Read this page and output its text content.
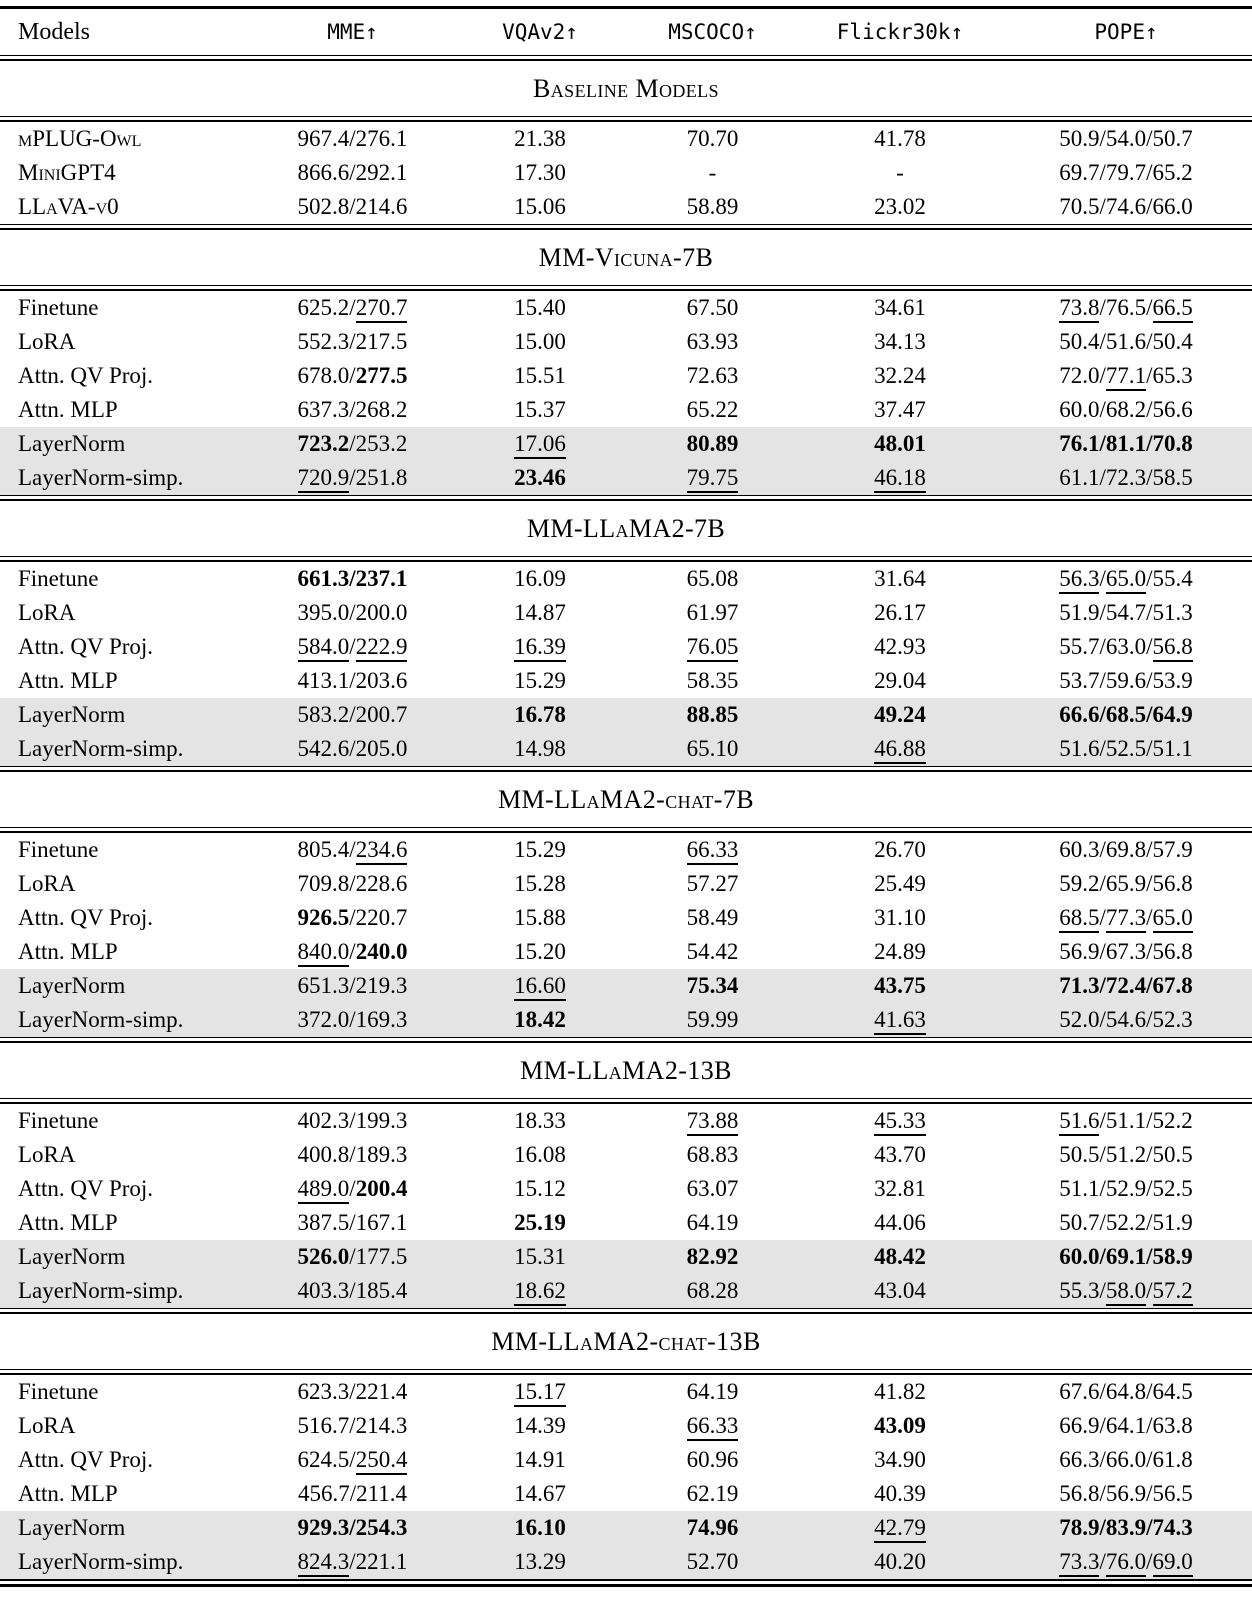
Models	MME↑	VQAv2↑	MSCOCO↑	Flickr30k↑	POPE↑

Baseline Models					

mPLUG-Owl	967.4/276.1	21.38	70.70	41.78	50.9/54.0/50.7
MiniGPT4	866.6/292.1	17.30	-	-	69.7/79.7/65.2
LLaVA-v0	502.8/214.6	15.06	58.89	23.02	70.5/74.6/66.0

MM-Vicuna-7B					

Finetune	625.2/270.7	15.40	67.50	34.61	73.8/76.5/66.5
LoRA	552.3/217.5	15.00	63.93	34.13	50.4/51.6/50.4
Attn. QV Proj.	678.0/277.5	15.51	72.63	32.24	72.0/77.1/65.3
Attn. MLP	637.3/268.2	15.37	65.22	37.47	60.0/68.2/56.6
LayerNorm	723.2/253.2	17.06	80.89	48.01	76.1/81.1/70.8
LayerNorm-simp.	720.9/251.8	23.46	79.75	46.18	61.1/72.3/58.5

MM-LLaMA2-7B					

Finetune	661.3/237.1	16.09	65.08	31.64	56.3/65.0/55.4
LoRA	395.0/200.0	14.87	61.97	26.17	51.9/54.7/51.3
Attn. QV Proj.	584.0/222.9	16.39	76.05	42.93	55.7/63.0/56.8
Attn. MLP	413.1/203.6	15.29	58.35	29.04	53.7/59.6/53.9
LayerNorm	583.2/200.7	16.78	88.85	49.24	66.6/68.5/64.9
LayerNorm-simp.	542.6/205.0	14.98	65.10	46.88	51.6/52.5/51.1

MM-LLaMA2-chat-7B					

Finetune	805.4/234.6	15.29	66.33	26.70	60.3/69.8/57.9
LoRA	709.8/228.6	15.28	57.27	25.49	59.2/65.9/56.8
Attn. QV Proj.	926.5/220.7	15.88	58.49	31.10	68.5/77.3/65.0
Attn. MLP	840.0/240.0	15.20	54.42	24.89	56.9/67.3/56.8
LayerNorm	651.3/219.3	16.60	75.34	43.75	71.3/72.4/67.8
LayerNorm-simp.	372.0/169.3	18.42	59.99	41.63	52.0/54.6/52.3

MM-LLaMA2-13B					

Finetune	402.3/199.3	18.33	73.88	45.33	51.6/51.1/52.2
LoRA	400.8/189.3	16.08	68.83	43.70	50.5/51.2/50.5
Attn. QV Proj.	489.0/200.4	15.12	63.07	32.81	51.1/52.9/52.5
Attn. MLP	387.5/167.1	25.19	64.19	44.06	50.7/52.2/51.9
LayerNorm	526.0/177.5	15.31	82.92	48.42	60.0/69.1/58.9
LayerNorm-simp.	403.3/185.4	18.62	68.28	43.04	55.3/58.0/57.2

MM-LLaMA2-chat-13B					

Finetune	623.3/221.4	15.17	64.19	41.82	67.6/64.8/64.5
LoRA	516.7/214.3	14.39	66.33	43.09	66.9/64.1/63.8
Attn. QV Proj.	624.5/250.4	14.91	60.96	34.90	66.3/66.0/61.8
Attn. MLP	456.7/211.4	14.67	62.19	40.39	56.8/56.9/56.5
LayerNorm	929.3/254.3	16.10	74.96	42.79	78.9/83.9/74.3
LayerNorm-simp.	824.3/221.1	13.29	52.70	40.20	73.3/76.0/69.0
